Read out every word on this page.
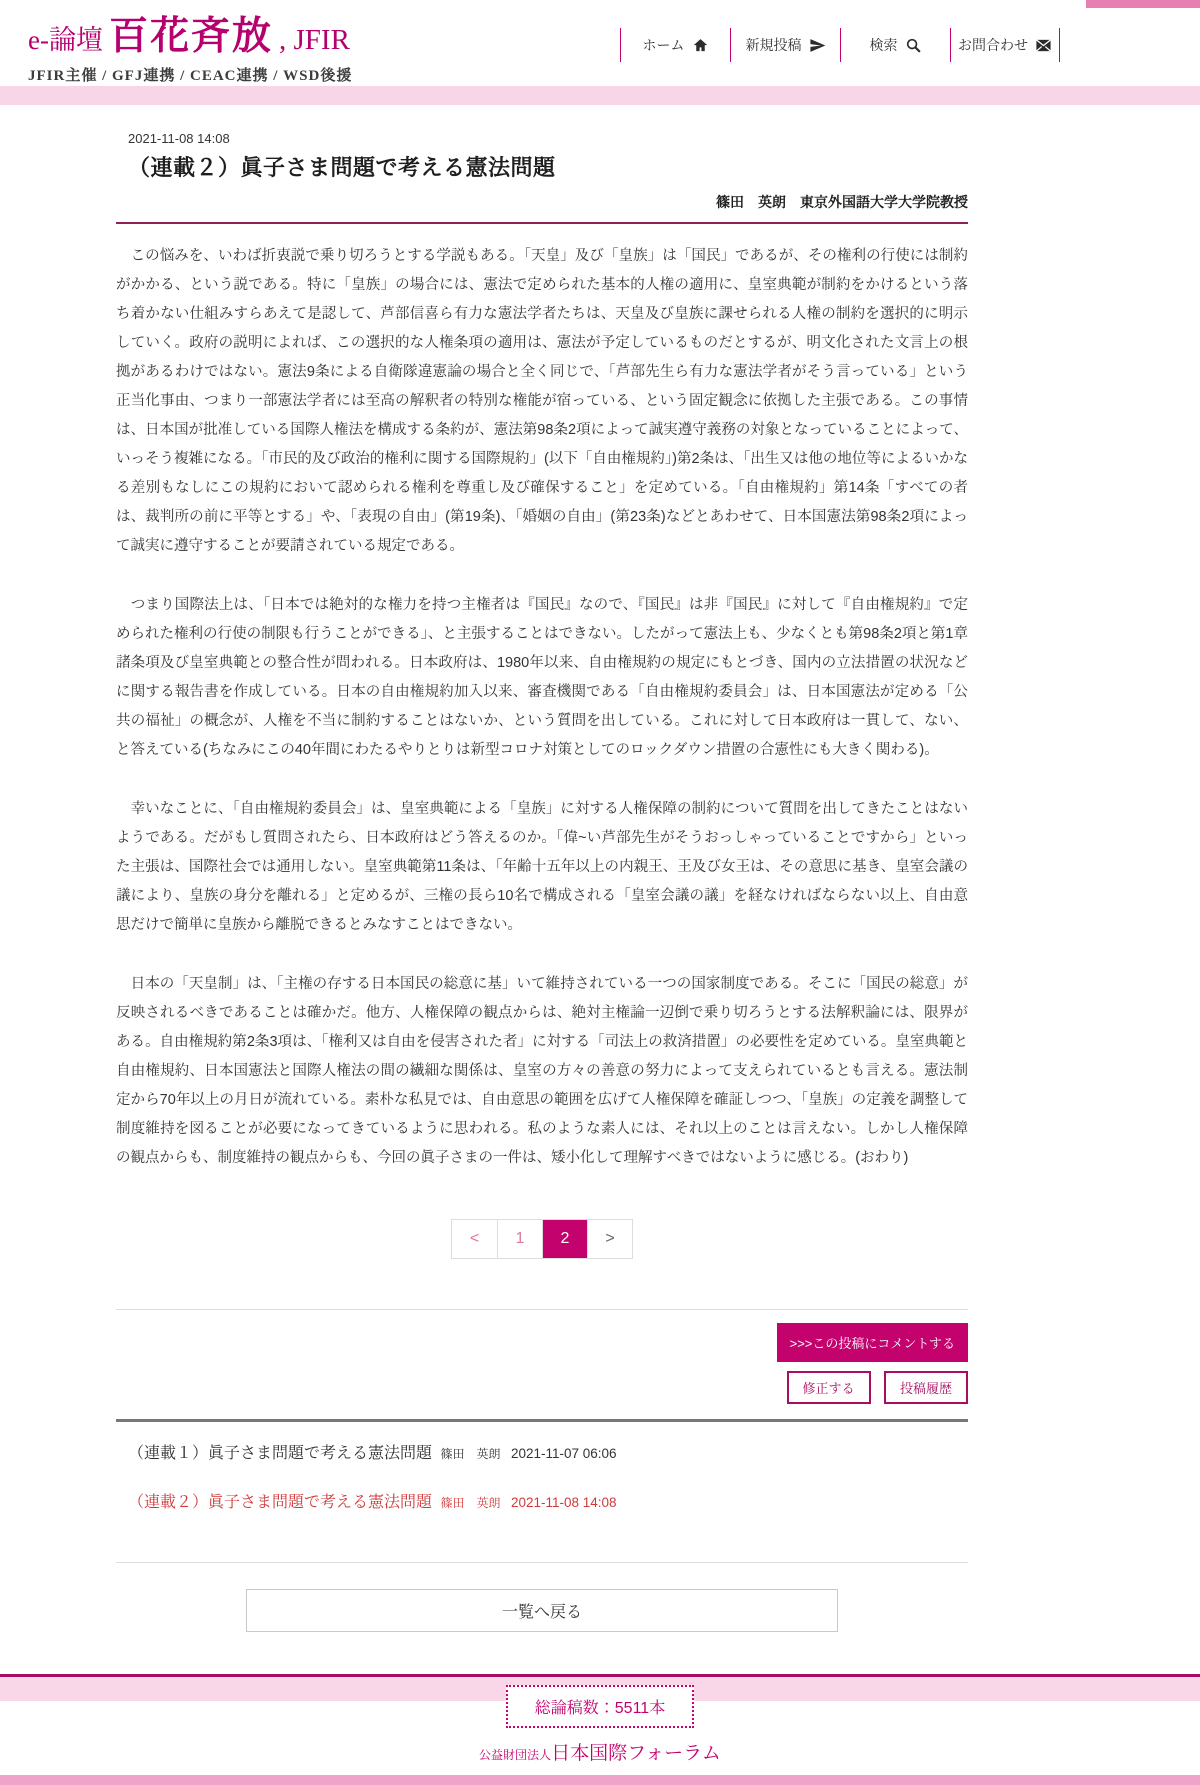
e-論壇 百花斉放 , JFIR
JFIR主催 / GFJ連携 / CEAC連携 / WSD後援
ホーム	新規投稿	検索	お問合わせ
2021-11-08 14:08
（連載２）眞子さま問題で考える憲法問題
篠田　英朗　東京外国語大学大学院教授

　この悩みを、いわば折衷説で乗り切ろうとする学説もある。「天皇」及び「皇族」は「国民」であるが、その権利の行使には制約がかかる、という説である。特に「皇族」の場合には、憲法で定められた基本的人権の適用に、皇室典範が制約をかけるという落ち着かない仕組みすらあえて是認して、芦部信喜ら有力な憲法学者たちは、天皇及び皇族に課せられる人権の制約を選択的に明示していく。政府の説明によれば、この選択的な人権条項の適用は、憲法が予定しているものだとするが、明文化された文言上の根拠があるわけではない。憲法9条による自衛隊違憲論の場合と全く同じで、「芦部先生ら有力な憲法学者がそう言っている」という正当化事由、つまり一部憲法学者には至高の解釈者の特別な権能が宿っている、という固定観念に依拠した主張である。この事情は、日本国が批准している国際人権法を構成する条約が、憲法第98条2項によって誠実遵守義務の対象となっていることによって、いっそう複雑になる。「市民的及び政治的権利に関する国際規約」(以下「自由権規約」)第2条は、「出生又は他の地位等によるいかなる差別もなしにこの規約において認められる権利を尊重し及び確保すること」を定めている。「自由権規約」第14条「すべての者は、裁判所の前に平等とする」や、「表現の自由」(第19条)、「婚姻の自由」(第23条)などとあわせて、日本国憲法第98条2項によって誠実に遵守することが要請されている規定である。

　つまり国際法上は、「日本では絶対的な権力を持つ主権者は『国民』なので、『国民』は非『国民』に対して『自由権規約』で定められた権利の行使の制限も行うことができる」、と主張することはできない。したがって憲法上も、少なくとも第98条2項と第1章諸条項及び皇室典範との整合性が問われる。日本政府は、1980年以来、自由権規約の規定にもとづき、国内の立法措置の状況などに関する報告書を作成している。日本の自由権規約加入以来、審査機関である「自由権規約委員会」は、日本国憲法が定める「公共の福祉」の概念が、人権を不当に制約することはないか、という質問を出している。これに対して日本政府は一貫して、ない、と答えている(ちなみにこの40年間にわたるやりとりは新型コロナ対策としてのロックダウン措置の合憲性にも大きく関わる)。

　幸いなことに、「自由権規約委員会」は、皇室典範による「皇族」に対する人権保障の制約について質問を出してきたことはないようである。だがもし質問されたら、日本政府はどう答えるのか。「偉~い芦部先生がそうおっしゃっていることですから」といった主張は、国際社会では通用しない。皇室典範第11条は、「年齢十五年以上の内親王、王及び女王は、その意思に基き、皇室会議の議により、皇族の身分を離れる」と定めるが、三権の長ら10名で構成される「皇室会議の議」を経なければならない以上、自由意思だけで簡単に皇族から離脱できるとみなすことはできない。

　日本の「天皇制」は、「主権の存する日本国民の総意に基」いて維持されている一つの国家制度である。そこに「国民の総意」が反映されるべきであることは確かだ。他方、人権保障の観点からは、絶対主権論一辺倒で乗り切ろうとする法解釈論には、限界がある。自由権規約第2条3項は、「権利又は自由を侵害された者」に対する「司法上の救済措置」の必要性を定めている。皇室典範と自由権規約、日本国憲法と国際人権法の間の繊細な関係は、皇室の方々の善意の努力によって支えられているとも言える。憲法制定から70年以上の月日が流れている。素朴な私見では、自由意思の範囲を広げて人権保障を確証しつつ、「皇族」の定義を調整して制度維持を図ることが必要になってきているように思われる。私のような素人には、それ以上のことは言えない。しかし人権保障の観点からも、制度維持の観点からも、今回の眞子さまの一件は、矮小化して理解すべきではないように感じる。(おわり)

<	1	2	>
>>>この投稿にコメントする
修正する	投稿履歴
（連載１）眞子さま問題で考える憲法問題 篠田　英朗 2021-11-07 06:06
（連載２）眞子さま問題で考える憲法問題 篠田　英朗 2021-11-08 14:08
一覧へ戻る
総論稿数：5511本
公益財団法人日本国際フォーラム
